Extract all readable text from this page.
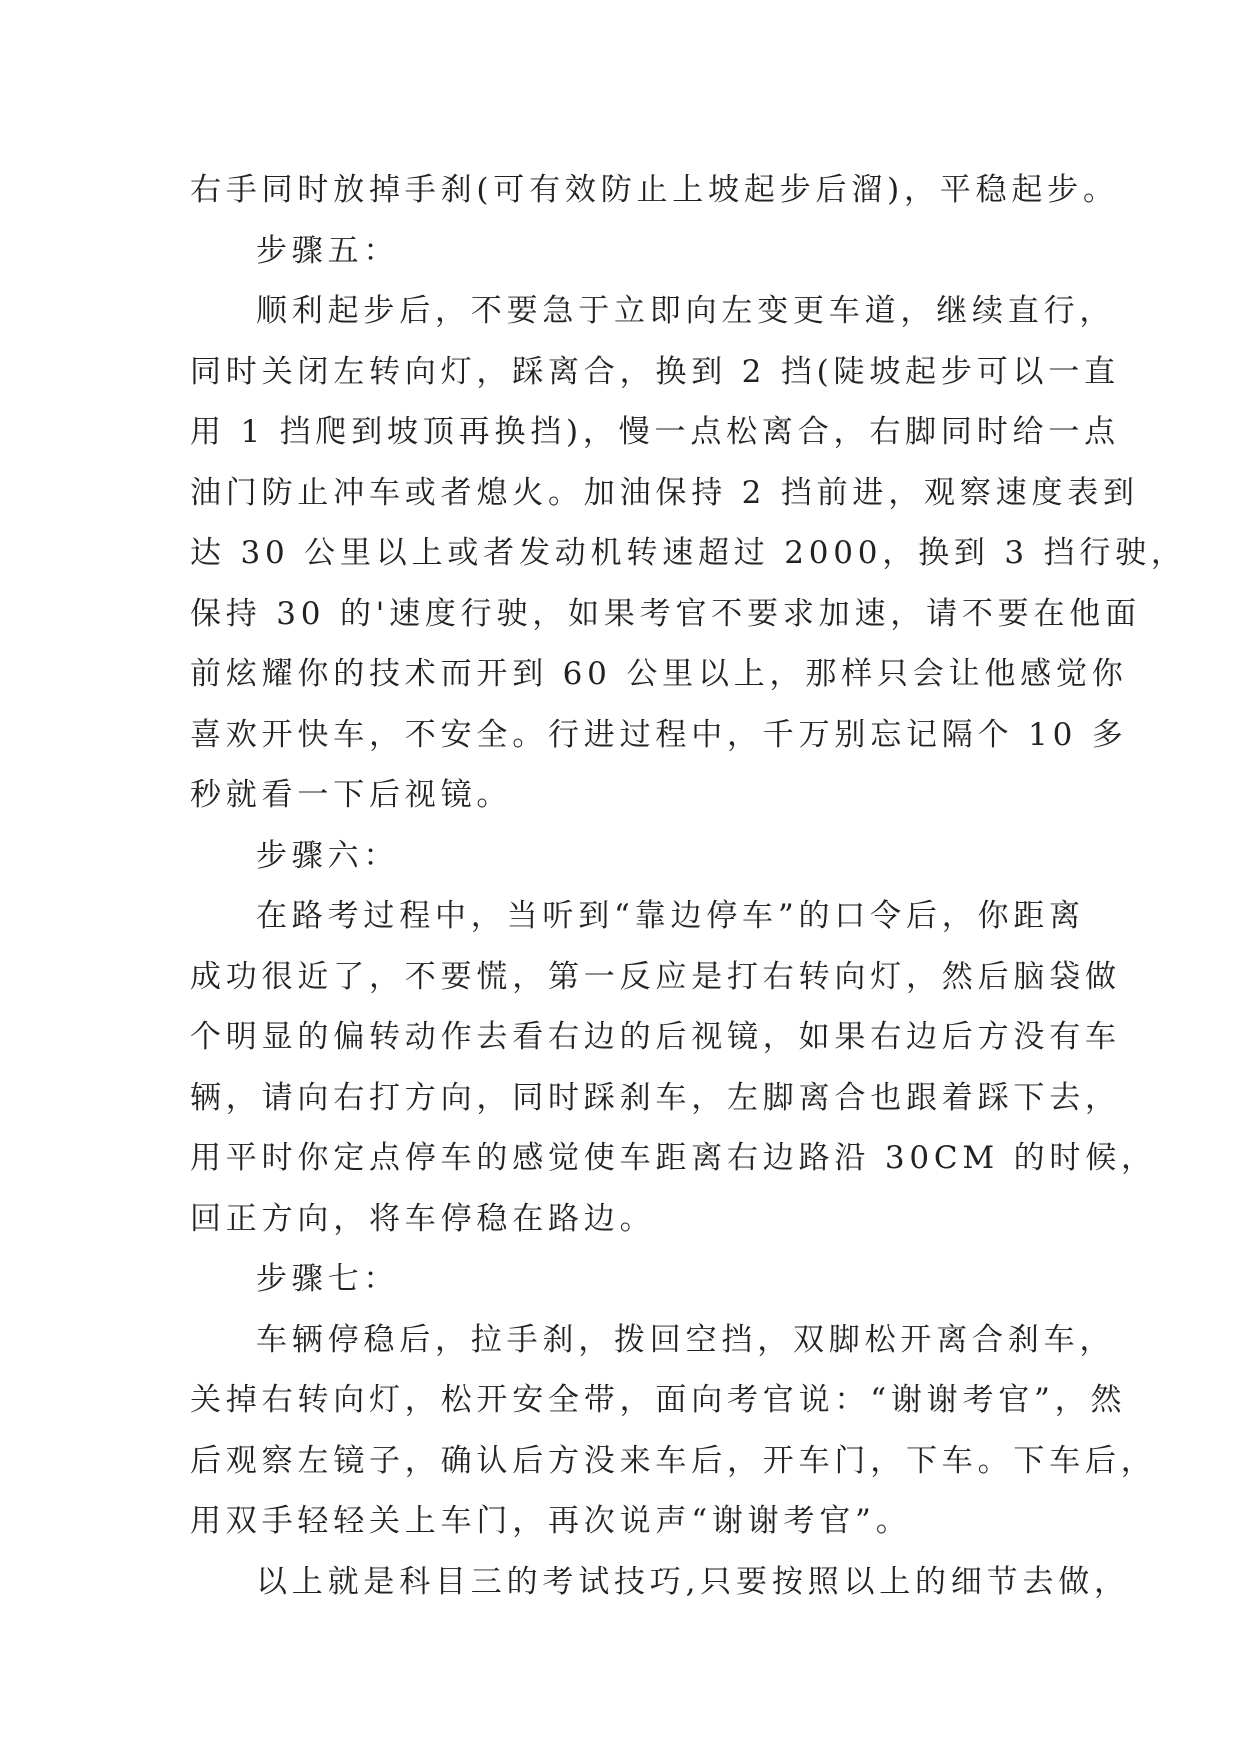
右手同时放掉手刹(可有效防止上坡起步后溜)，平稳起步。
步骤五：
顺利起步后，不要急于立即向左变更车道，继续直行，
同时关闭左转向灯，踩离合，换到 2 挡(陡坡起步可以一直
用 1 挡爬到坡顶再换挡)，慢一点松离合，右脚同时给一点
油门防止冲车或者熄火。加油保持 2 挡前进，观察速度表到
达 30 公里以上或者发动机转速超过 2000，换到 3 挡行驶，
保持 30 的'速度行驶，如果考官不要求加速，请不要在他面
前炫耀你的技术而开到 60 公里以上，那样只会让他感觉你
喜欢开快车，不安全。行进过程中，千万别忘记隔个 10 多
秒就看一下后视镜。
步骤六：
在路考过程中，当听到“靠边停车”的口令后，你距离
成功很近了，不要慌，第一反应是打右转向灯，然后脑袋做
个明显的偏转动作去看右边的后视镜，如果右边后方没有车
辆，请向右打方向，同时踩刹车，左脚离合也跟着踩下去，
用平时你定点停车的感觉使车距离右边路沿 30CM 的时候，
回正方向，将车停稳在路边。
步骤七：
车辆停稳后，拉手刹，拨回空挡，双脚松开离合刹车，
关掉右转向灯，松开安全带，面向考官说：“谢谢考官”，然
后观察左镜子，确认后方没来车后，开车门，下车。下车后，
用双手轻轻关上车门，再次说声“谢谢考官”。
以上就是科目三的考试技巧,只要按照以上的细节去做，
